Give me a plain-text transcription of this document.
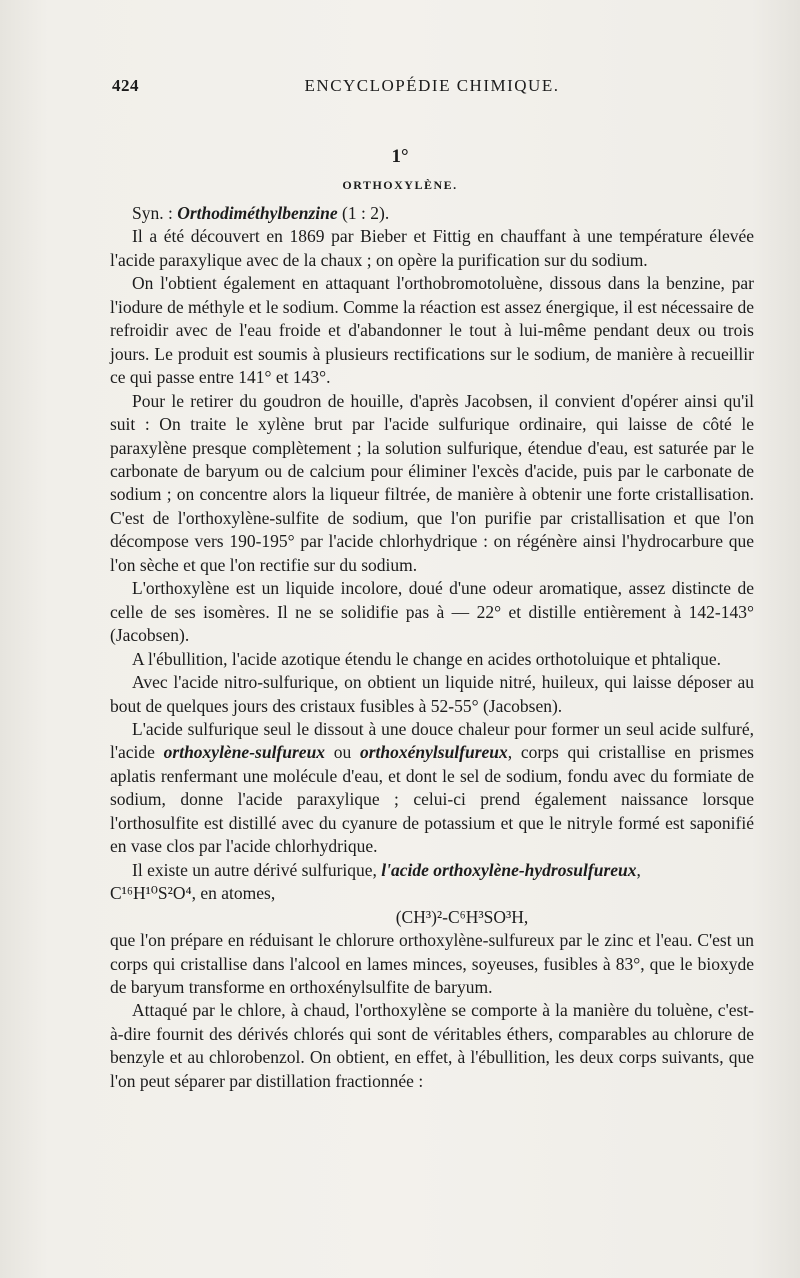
424	ENCYCLOPÉDIE CHIMIQUE.
1°
ORTHOXYLÈNE.

Syn. : Orthodiméthylbenzine (1 : 2).

Il a été découvert en 1869 par Bieber et Fittig en chauffant à une température élevée l'acide paraxylique avec de la chaux ; on opère la purification sur du sodium.

On l'obtient également en attaquant l'orthobromotoluène, dissous dans la benzine, par l'iodure de méthyle et le sodium. Comme la réaction est assez énergique, il est nécessaire de refroidir avec de l'eau froide et d'abandonner le tout à lui-même pendant deux ou trois jours. Le produit est soumis à plusieurs rectifications sur le sodium, de manière à recueillir ce qui passe entre 141° et 143°.

Pour le retirer du goudron de houille, d'après Jacobsen, il convient d'opérer ainsi qu'il suit : On traite le xylène brut par l'acide sulfurique ordinaire, qui laisse de côté le paraxylène presque complètement ; la solution sulfurique, étendue d'eau, est saturée par le carbonate de baryum ou de calcium pour éliminer l'excès d'acide, puis par le carbonate de sodium ; on concentre alors la liqueur filtrée, de manière à obtenir une forte cristallisation. C'est de l'orthoxylène-sulfite de sodium, que l'on purifie par cristallisation et que l'on décompose vers 190-195° par l'acide chlorhydrique : on régénère ainsi l'hydrocarbure que l'on sèche et que l'on rectifie sur du sodium.

L'orthoxylène est un liquide incolore, doué d'une odeur aromatique, assez distincte de celle de ses isomères. Il ne se solidifie pas à — 22° et distille entièrement à 142-143° (Jacobsen).

A l'ébullition, l'acide azotique étendu le change en acides orthotoluique et phtalique.

Avec l'acide nitro-sulfurique, on obtient un liquide nitré, huileux, qui laisse déposer au bout de quelques jours des cristaux fusibles à 52-55° (Jacobsen).

L'acide sulfurique seul le dissout à une douce chaleur pour former un seul acide sulfuré, l'acide orthoxylène-sulfureux ou orthoxénylsulfureux, corps qui cristallise en prismes aplatis renfermant une molécule d'eau, et dont le sel de sodium, fondu avec du formiate de sodium, donne l'acide paraxylique ; celui-ci prend également naissance lorsque l'orthosulfite est distillé avec du cyanure de potassium et que le nitryle formé est saponifié en vase clos par l'acide chlorhydrique.

Il existe un autre dérivé sulfurique, l'acide orthoxylène-hydrosulfureux,
C¹⁶H¹⁰S²O⁴, en atomes,

(CH³)²-C⁶H³SO³H,

que l'on prépare en réduisant le chlorure orthoxylène-sulfureux par le zinc et l'eau. C'est un corps qui cristallise dans l'alcool en lames minces, soyeuses, fusibles à 83°, que le bioxyde de baryum transforme en orthoxénylsulfite de baryum.

Attaqué par le chlore, à chaud, l'orthoxylène se comporte à la manière du toluène, c'est-à-dire fournit des dérivés chlorés qui sont de véritables éthers, comparables au chlorure de benzyle et au chlorobenzol. On obtient, en effet, à l'ébullition, les deux corps suivants, que l'on peut séparer par distillation fractionnée :
